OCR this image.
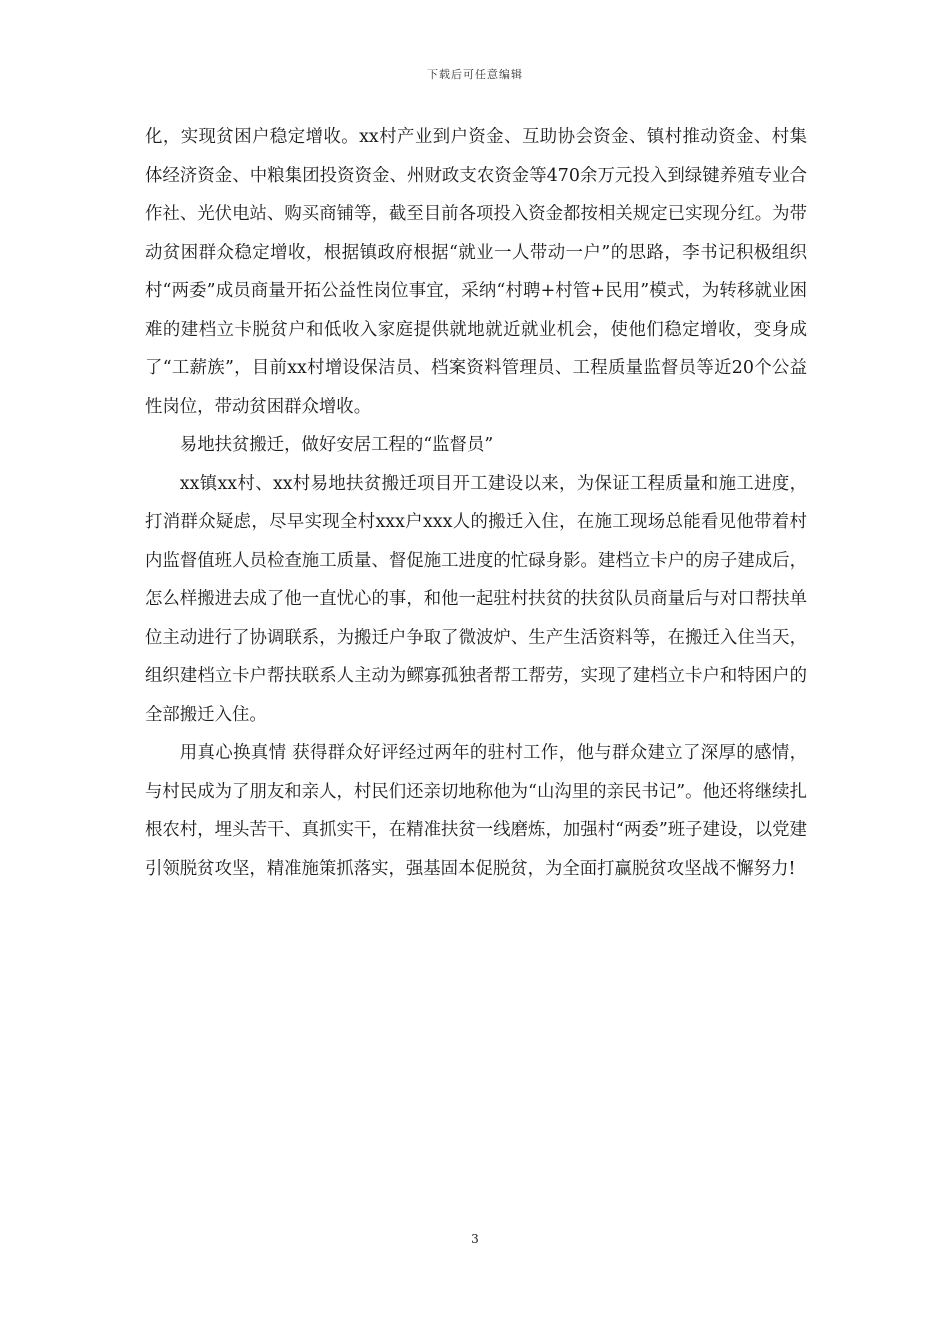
下载后可任意编辑

化，实现贫困户稳定增收。xx村产业到户资金、互助协会资金、镇村推动资金、村集体经济资金、中粮集团投资资金、州财政支农资金等470余万元投入到绿键养殖专业合作社、光伏电站、购买商铺等，截至目前各项投入资金都按相关规定已实现分红。为带动贫困群众稳定增收，根据镇政府根据“就业一人带动一户”的思路，李书记积极组织村“两委”成员商量开拓公益性岗位事宜，采纳“村聘+村管+民用”模式，为转移就业困难的建档立卡脱贫户和低收入家庭提供就地就近就业机会，使他们稳定增收，变身成了“工薪族”，目前xx村增设保洁员、档案资料管理员、工程质量监督员等近20个公益性岗位，带动贫困群众增收。

易地扶贫搬迁，做好安居工程的“监督员”

xx镇xx村、xx村易地扶贫搬迁项目开工建设以来，为保证工程质量和施工进度，打消群众疑虑，尽早实现全村xxx户xxx人的搬迁入住，在施工现场总能看见他带着村内监督值班人员检查施工质量、督促施工进度的忙碌身影。建档立卡户的房子建成后，怎么样搬进去成了他一直忧心的事，和他一起驻村扶贫的扶贫队员商量后与对口帮扶单位主动进行了协调联系，为搬迁户争取了微波炉、生产生活资料等，在搬迁入住当天，组织建档立卡户帮扶联系人主动为鳏寡孤独者帮工帮劳，实现了建档立卡户和特困户的全部搬迁入住。

用真心换真情 获得群众好评经过两年的驻村工作，他与群众建立了深厚的感情，与村民成为了朋友和亲人，村民们还亲切地称他为“山沟里的亲民书记”。他还将继续扎根农村，埋头苦干、真抓实干，在精准扶贫一线磨炼，加强村“两委”班子建设，以党建引领脱贫攻坚，精准施策抓落实，强基固本促脱贫，为全面打赢脱贫攻坚战不懈努力!

3
